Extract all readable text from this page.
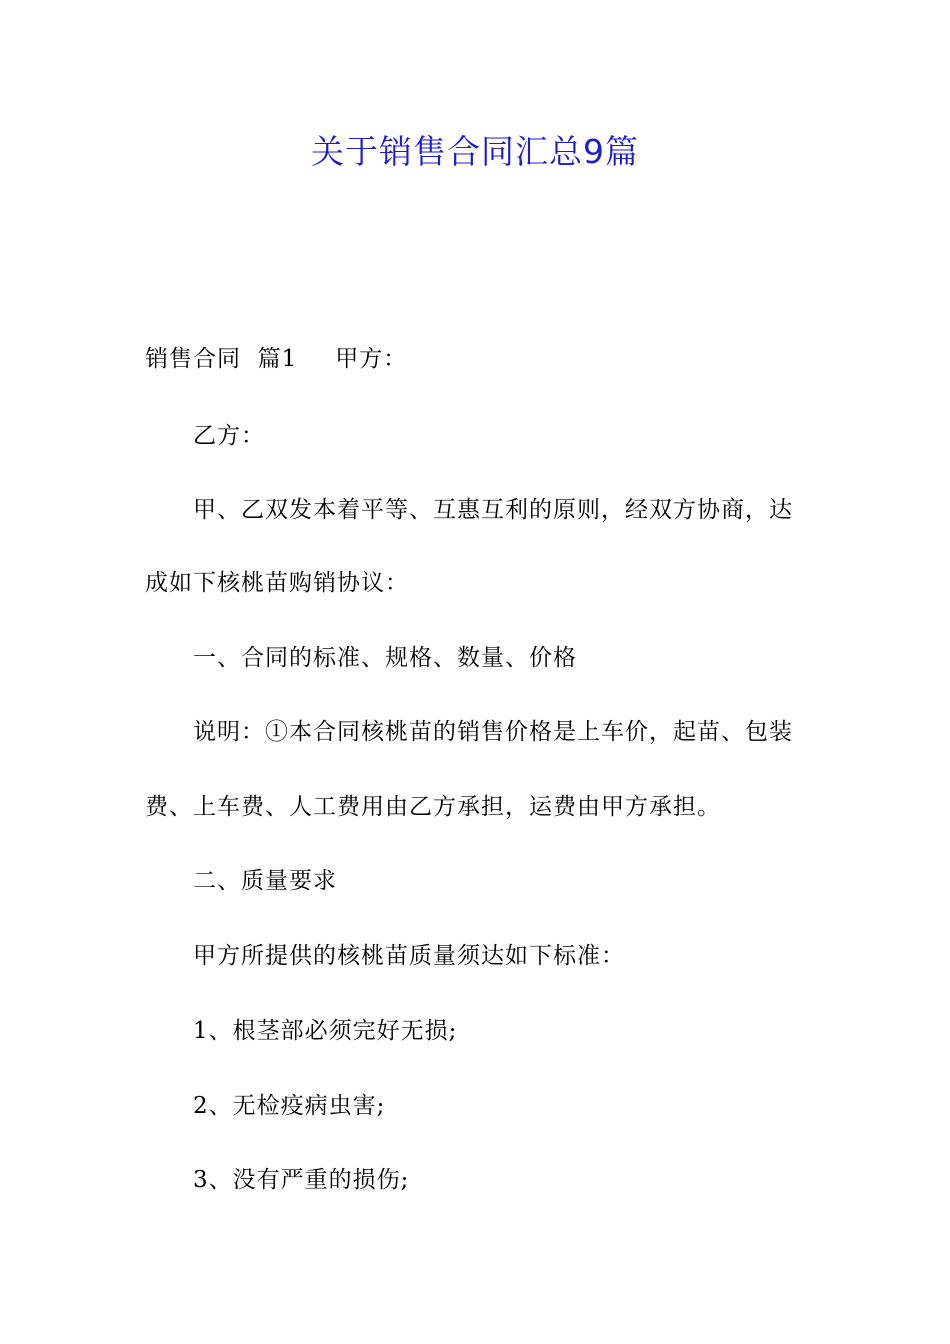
关于销售合同汇总9篇
销售合同  篇1 甲方：
乙方：
甲、乙双发本着平等、互惠互利的原则，经双方协商，达
成如下核桃苗购销协议：
一、合同的标准、规格、数量、价格
说明：①本合同核桃苗的销售价格是上车价，起苗、包装
费、上车费、人工费用由乙方承担，运费由甲方承担。
二、质量要求
甲方所提供的核桃苗质量须达如下标准：
1、根茎部必须完好无损;
2、无检疫病虫害;
3、没有严重的损伤;
